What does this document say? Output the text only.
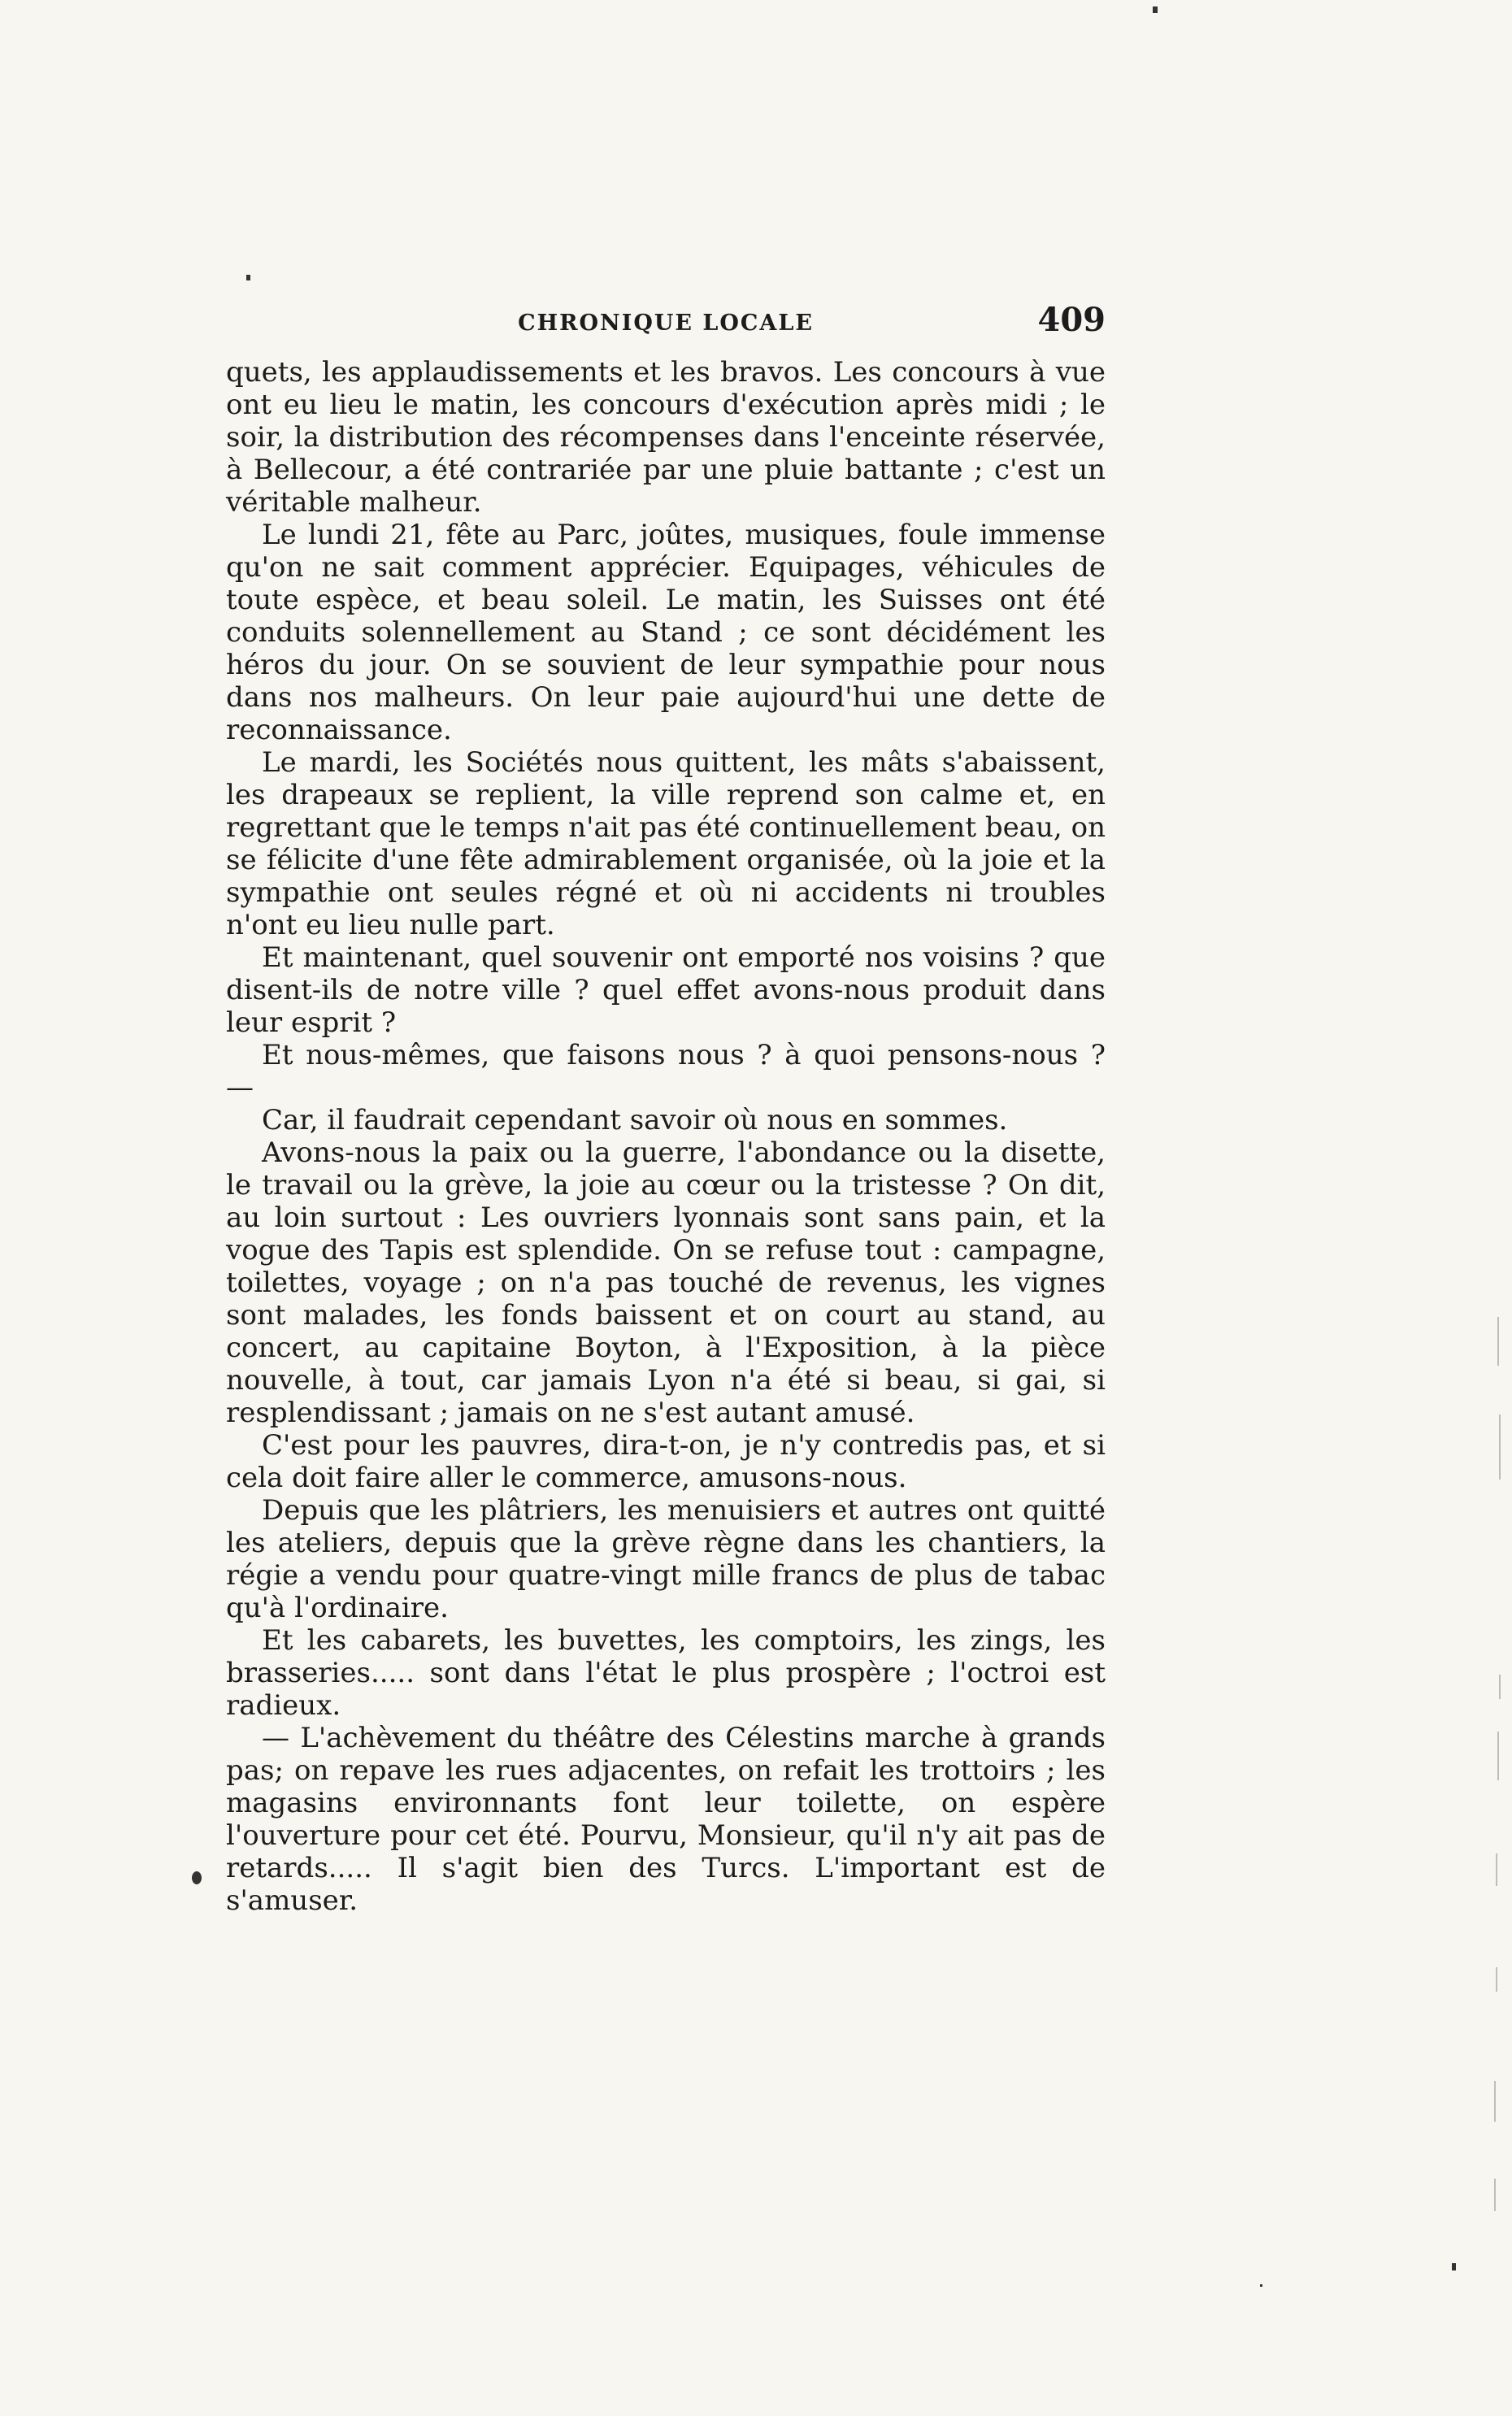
CHRONIQUE LOCALE	409

quets, les applaudissements et les bravos. Les concours à vue ont eu lieu le matin, les concours d'exécution après midi ; le soir, la distribution des récompenses dans l'enceinte réservée, à Bellecour, a été contrariée par une pluie battante ; c'est un véritable malheur.

Le lundi 21, fête au Parc, joûtes, musiques, foule immense qu'on ne sait comment apprécier. Equipages, véhicules de toute espèce, et beau soleil. Le matin, les Suisses ont été conduits solennellement au Stand ; ce sont décidément les héros du jour. On se souvient de leur sympathie pour nous dans nos malheurs. On leur paie aujourd'hui une dette de reconnaissance.

Le mardi, les Sociétés nous quittent, les mâts s'abaissent, les drapeaux se replient, la ville reprend son calme et, en regrettant que le temps n'ait pas été continuellement beau, on se félicite d'une fête admirablement organisée, où la joie et la sympathie ont seules régné et où ni accidents ni troubles n'ont eu lieu nulle part.

Et maintenant, quel souvenir ont emporté nos voisins ? que disent-ils de notre ville ? quel effet avons-nous produit dans leur esprit ?

Et nous-mêmes, que faisons nous ? à quoi pensons-nous ? —

Car, il faudrait cependant savoir où nous en sommes.

Avons-nous la paix ou la guerre, l'abondance ou la disette, le travail ou la grève, la joie au cœur ou la tristesse ? On dit, au loin surtout : Les ouvriers lyonnais sont sans pain, et la vogue des Tapis est splendide. On se refuse tout : campagne, toilettes, voyage ; on n'a pas touché de revenus, les vignes sont malades, les fonds baissent et on court au stand, au concert, au capitaine Boyton, à l'Exposition, à la pièce nouvelle, à tout, car jamais Lyon n'a été si beau, si gai, si resplendissant ; jamais on ne s'est autant amusé.

C'est pour les pauvres, dira-t-on, je n'y contredis pas, et si cela doit faire aller le commerce, amusons-nous.

Depuis que les plâtriers, les menuisiers et autres ont quitté les ateliers, depuis que la grève règne dans les chantiers, la régie a vendu pour quatre-vingt mille francs de plus de tabac qu'à l'ordinaire.

Et les cabarets, les buvettes, les comptoirs, les zings, les brasseries..... sont dans l'état le plus prospère ; l'octroi est radieux.

— L'achèvement du théâtre des Célestins marche à grands pas; on repave les rues adjacentes, on refait les trottoirs ; les magasins environnants font leur toilette, on espère l'ouverture pour cet été. Pourvu, Monsieur, qu'il n'y ait pas de retards..... Il s'agit bien des Turcs. L'important est de s'amuser.
